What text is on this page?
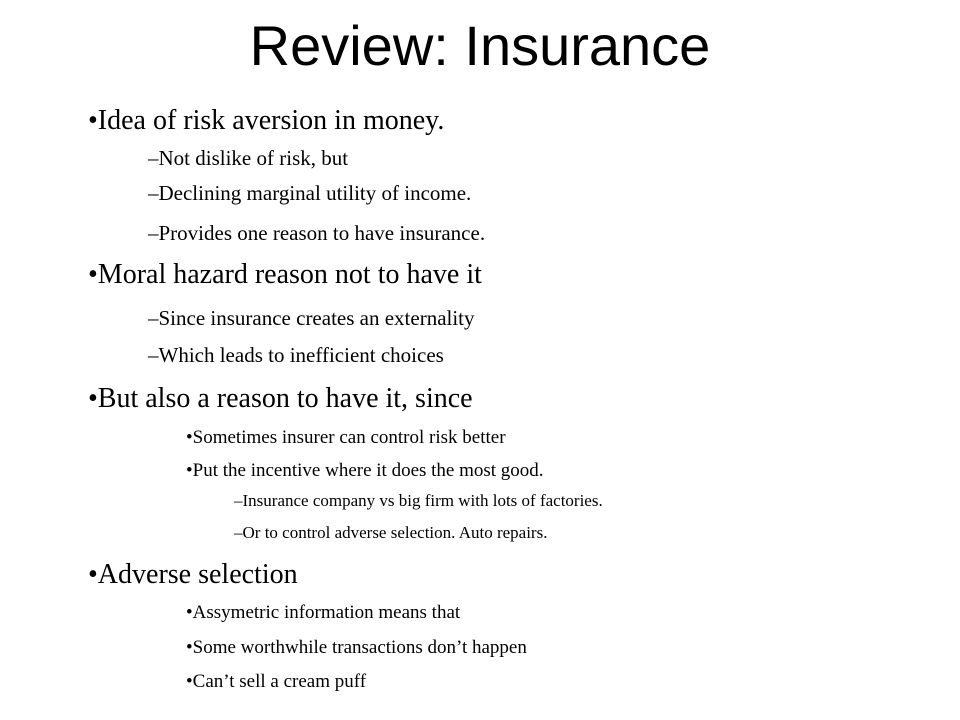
Review: Insurance
•Idea of risk aversion in money.
–Not dislike of risk, but
–Declining marginal utility of income.
–Provides one reason to have insurance.
•Moral hazard reason not to have it
–Since insurance creates an externality
–Which leads to inefficient choices
•But also a reason to have it, since
•Sometimes insurer can control risk better
•Put the incentive where it does the most good.
–Insurance company vs big firm with lots of factories.
–Or to control adverse selection. Auto repairs.
•Adverse selection
•Assymetric information means that
•Some worthwhile transactions don’t happen
•Can’t sell a cream puff
